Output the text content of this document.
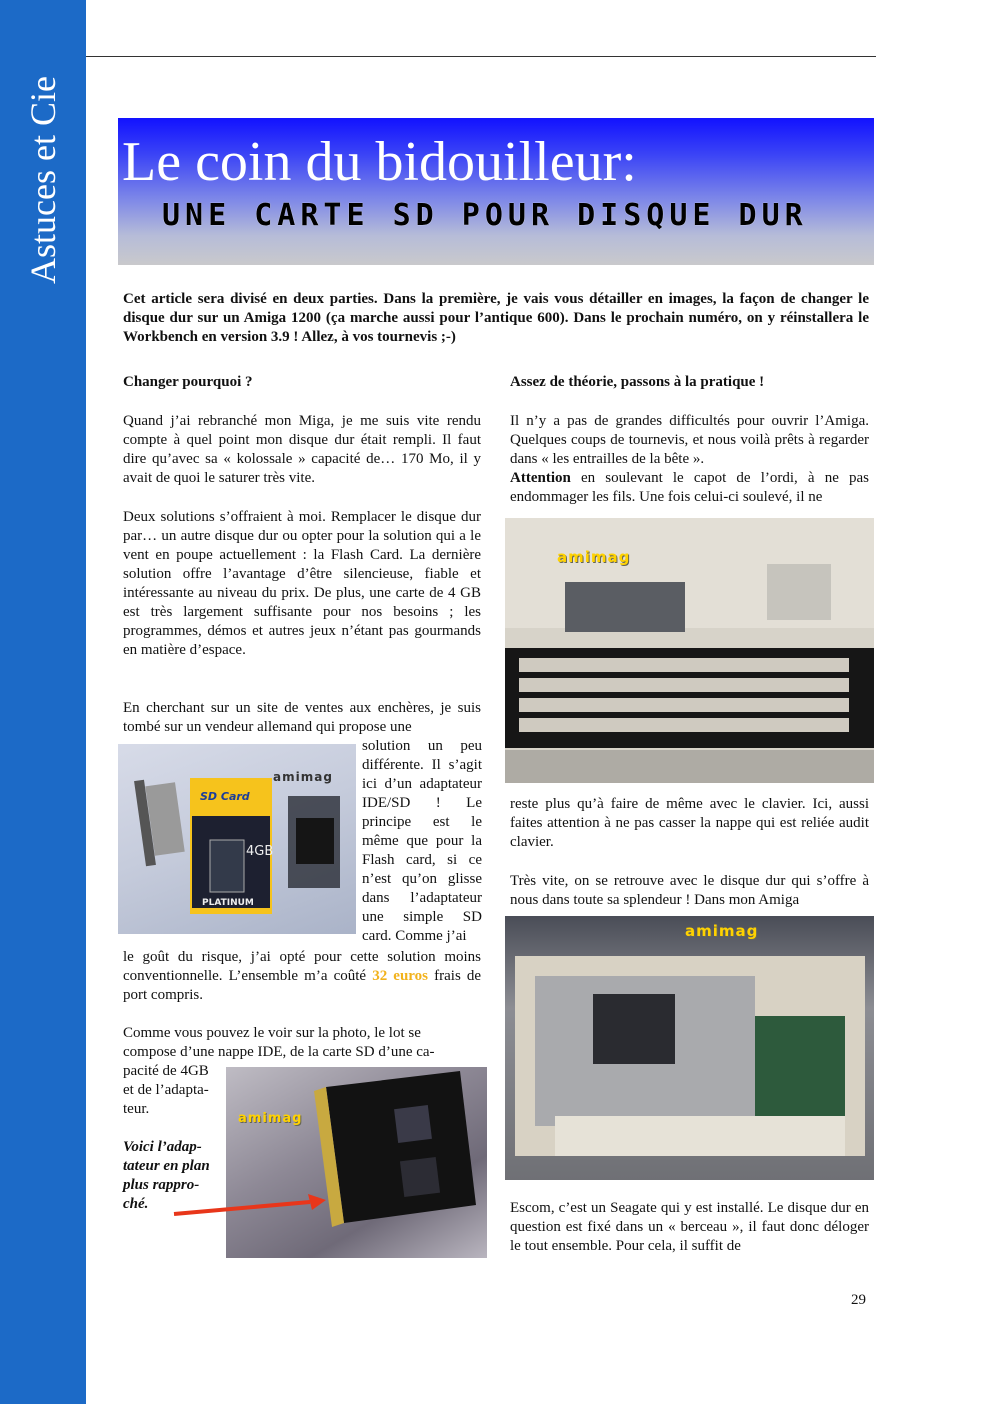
Astuces et Cie Le coin du bidouilleur:
UNE CARTE SD POUR DISQUE DUR

Cet article sera divisé en deux parties. Dans la première, je vais vous détailler en images, la façon de changer le disque dur sur un Amiga 1200 (ça marche aussi pour l’antique 600). Dans le prochain numéro, on y réinstallera le Workbench en version 3.9 ! Allez, à vos tournevis ;-)

Changer pourquoi ?

Quand j’ai rebranché mon Miga, je me suis vite rendu compte à quel point mon disque dur était rempli. Il faut dire qu’avec sa « kolossale » capacité de… 170 Mo, il y avait de quoi le saturer très vite.

Deux solutions s’offraient à moi. Remplacer le disque dur par… un autre disque dur ou opter pour la solution qui a le vent en poupe actuellement : la Flash Card. La dernière solution offre l’avantage d’être silencieuse, fiable et intéressante au niveau du prix. De plus, une carte de 4 GB est très largement suffisante pour nos besoins ; les programmes, démos et autres jeux n’étant pas gourmands en matière d’espace.

En cherchant sur un site de ventes aux enchères, je suis tombé sur un vendeur allemand qui propose une

amimag
SD Card
4GB
PLATINUM

solution un peu différente. Il s’agit ici d’un adaptateur IDE/SD ! Le principe est le même que pour la Flash card, si ce n’est qu’on glisse dans l’adaptateur une simple SD card. Comme j’ai

le goût du risque, j’ai opté pour cette solution moins conventionnelle. L’ensemble m’a coûté 32 euros frais de port compris.

Comme vous pouvez le voir sur la photo, le lot se
compose d’une nappe IDE, de la carte SD d’une ca-
pacité de 4GB
et de l’adapta-
teur.
Voici l’adap-
tateur en plan
plus rappro-
ché.
amimag
Assez de théorie, passons à la pratique !

Il n’y a pas de grandes difficultés pour ouvrir l’Amiga. Quelques coups de tournevis, et nous voilà prêts à regarder dans « les entrailles de la bête ».

Attention en soulevant le capot de l’ordi, à ne pas endommager les fils. Une fois celui-ci soulevé, il ne

amimag

reste plus qu’à faire de même avec le clavier. Ici, aussi faites attention à ne pas casser la nappe qui est reliée audit clavier.

Très vite, on se retrouve avec le disque dur qui s’offre à nous dans toute sa splendeur ! Dans mon Amiga

amimag

Escom, c’est un Seagate qui y est installé. Le disque dur en question est fixé dans un « berceau », il faut donc déloger le tout ensemble. Pour cela, il suffit de

29
